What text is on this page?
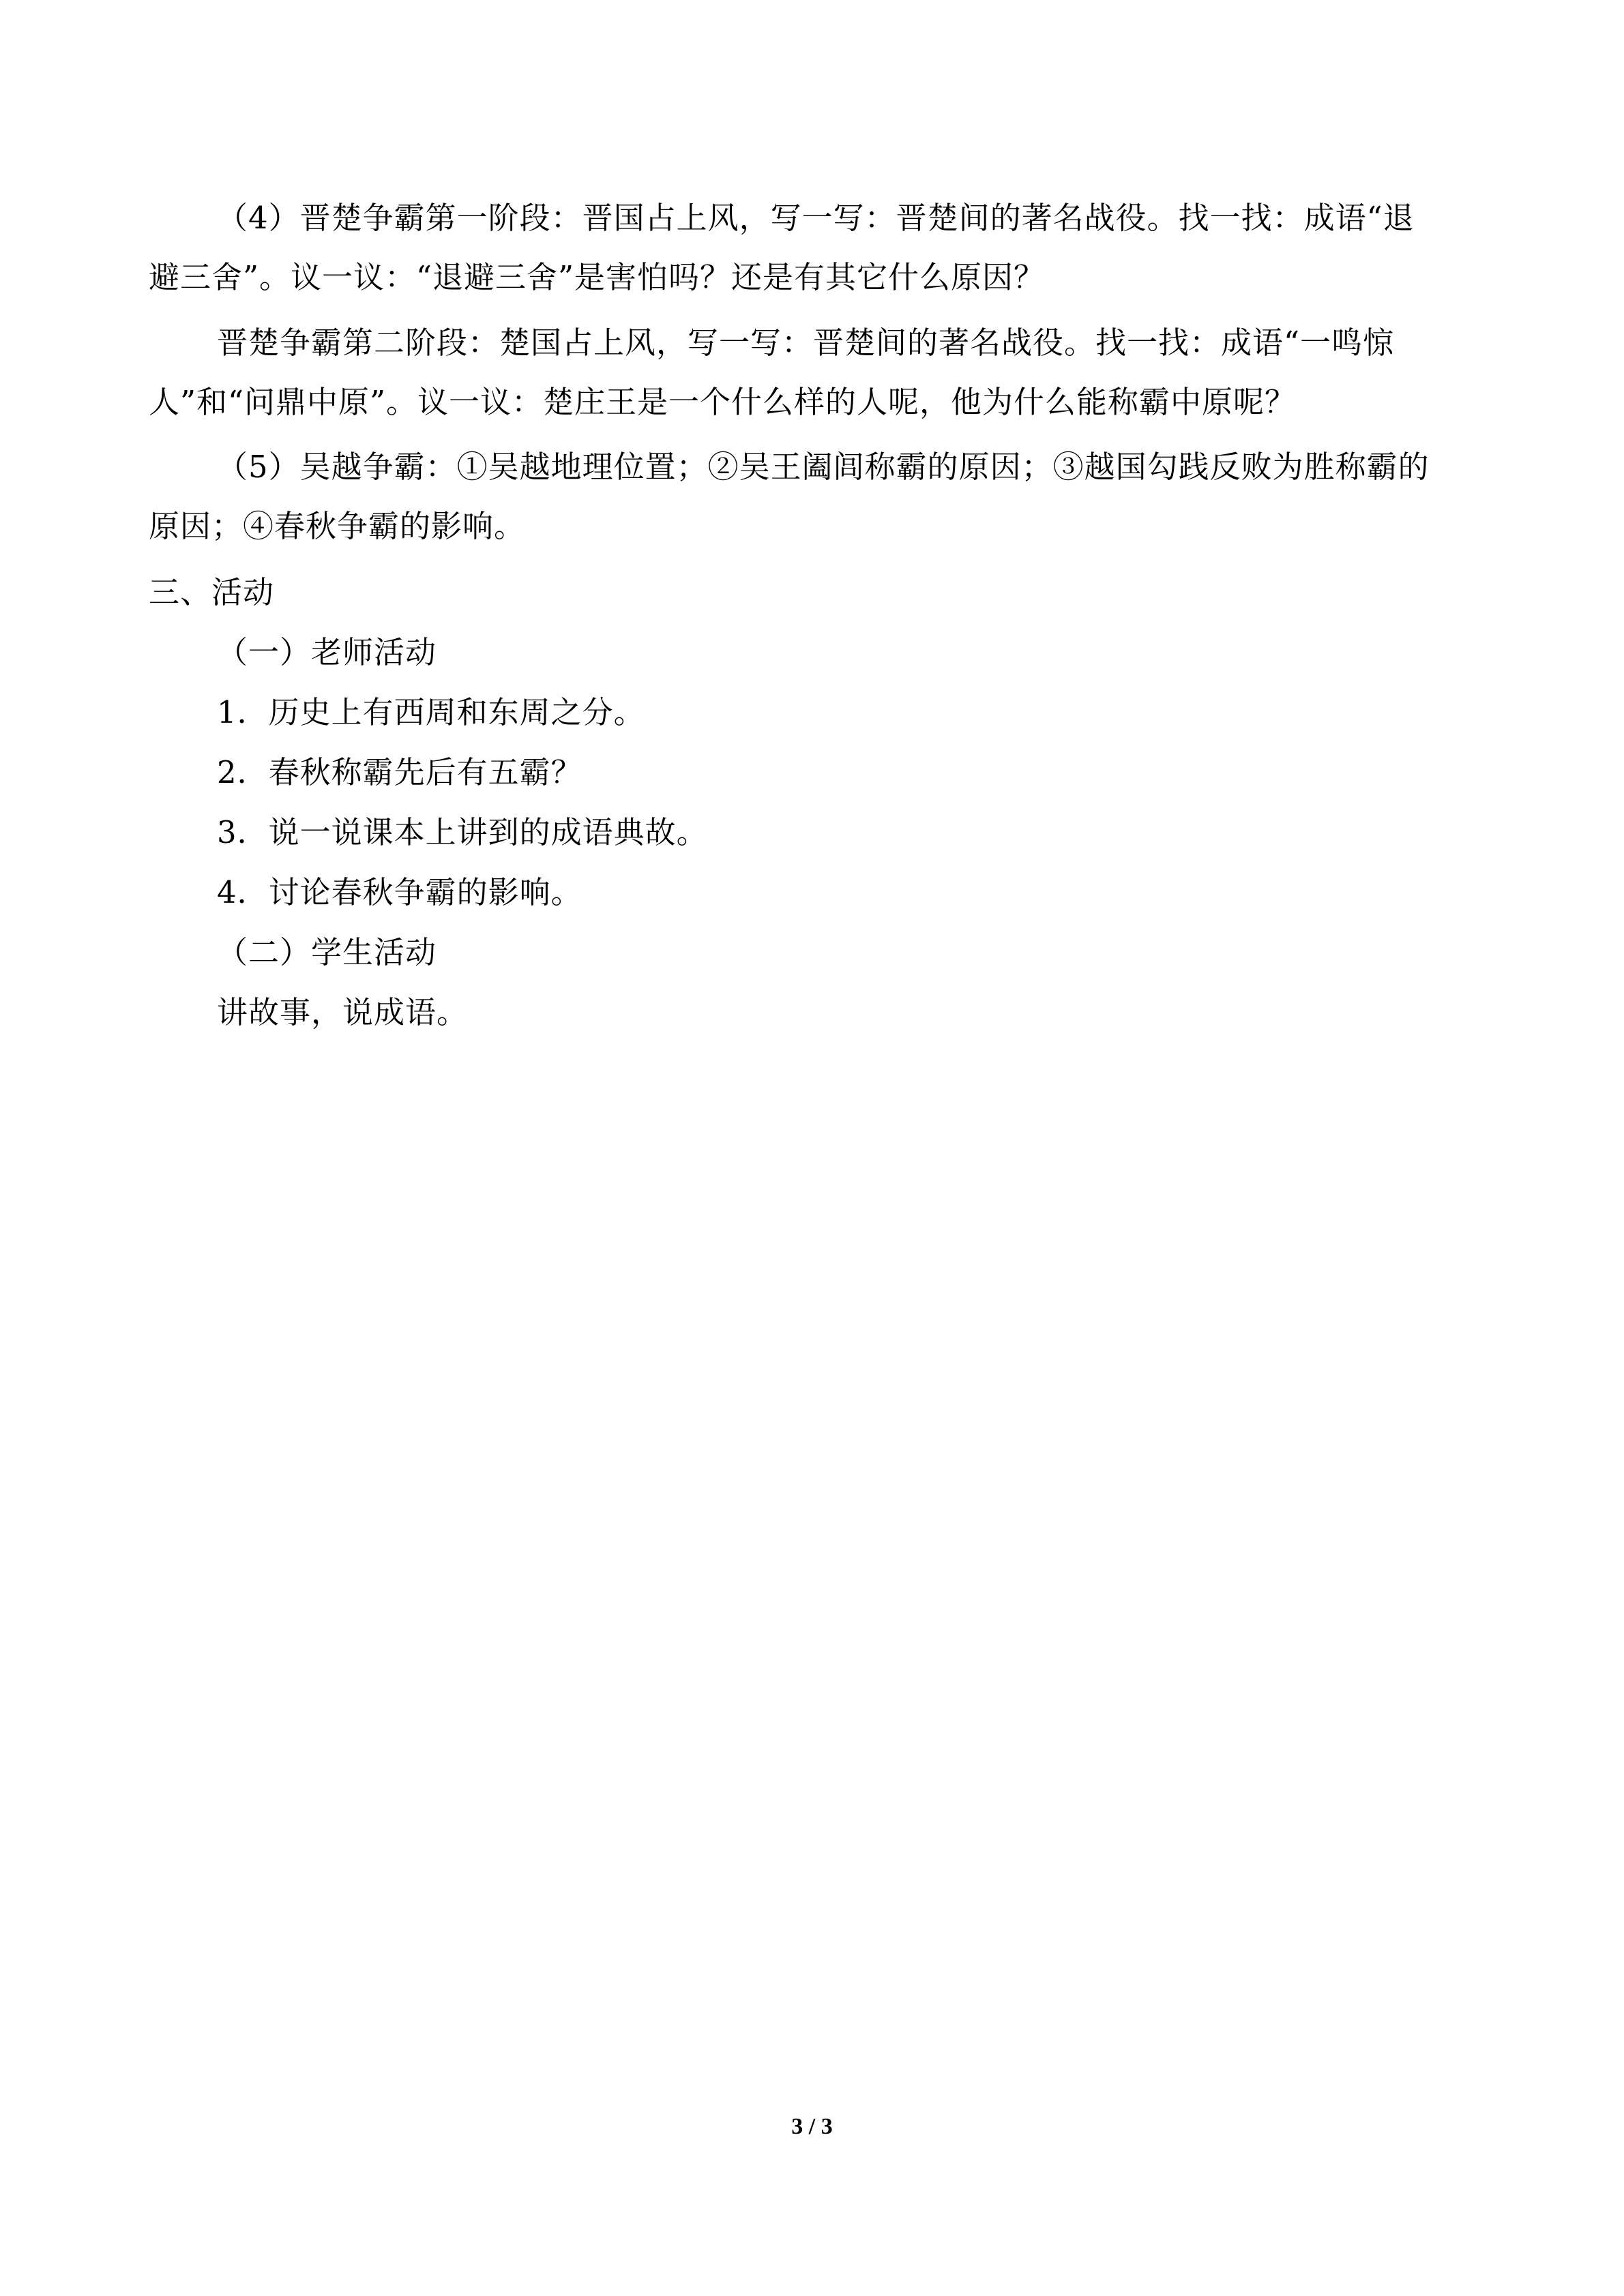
（4）晋楚争霸第一阶段：晋国占上风，写一写：晋楚间的著名战役。找一找：成语“退
避三舍”。议一议：“退避三舍”是害怕吗？还是有其它什么原因？
晋楚争霸第二阶段：楚国占上风，写一写：晋楚间的著名战役。找一找：成语“一鸣惊
人”和“问鼎中原”。议一议：楚庄王是一个什么样的人呢，他为什么能称霸中原呢？
（5）吴越争霸：①吴越地理位置；②吴王阖闾称霸的原因；③越国勾践反败为胜称霸的
原因；④春秋争霸的影响。
三、活动
（一）老师活动
1．历史上有西周和东周之分。
2．春秋称霸先后有五霸？
3．说一说课本上讲到的成语典故。
4．讨论春秋争霸的影响。
（二）学生活动
讲故事，说成语。
3 / 3
